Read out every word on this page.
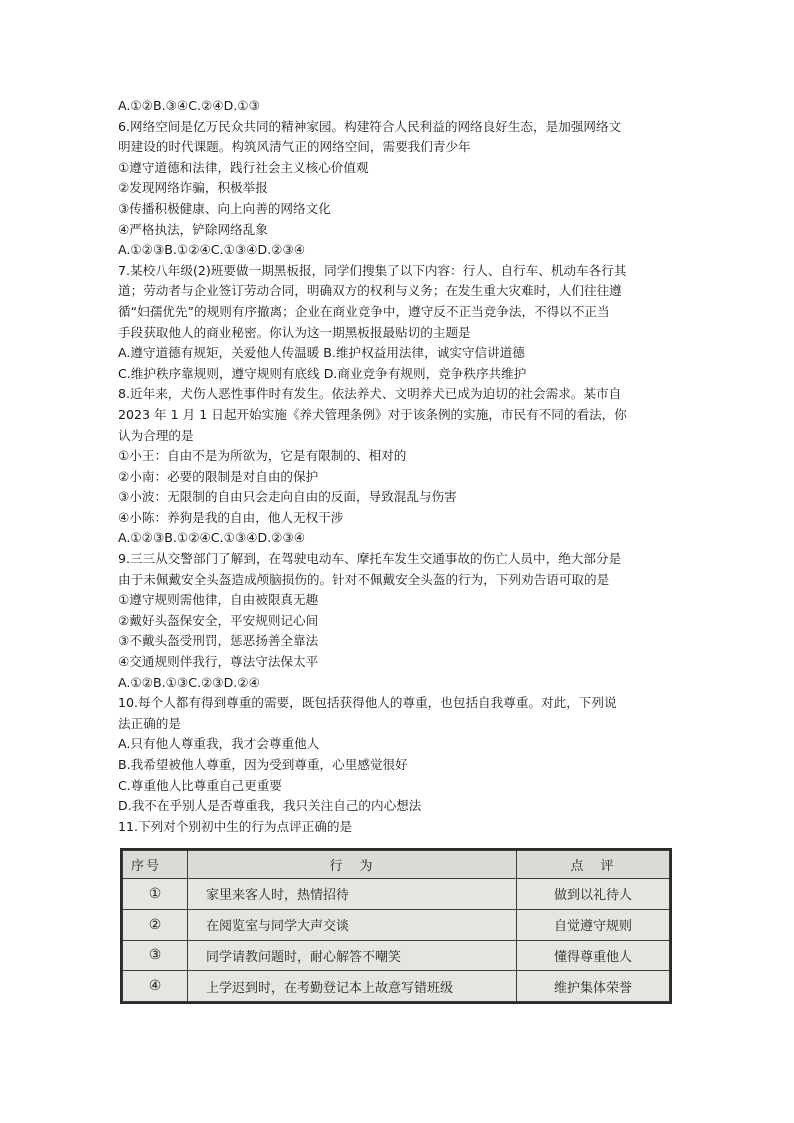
A.①②B.③④C.②④D.①③
6.网络空间是亿万民众共同的精神家园。构建符合人民利益的网络良好生态，是加强网络文
明建设的时代课题。构筑风清气正的网络空间，需要我们青少年
①遵守道德和法律，践行社会主义核心价值观
②发现网络诈骗，积极举报
③传播积极健康、向上向善的网络文化
④严格执法，铲除网络乱象
A.①②③B.①②④C.①③④D.②③④
7.某校八年级(2)班要做一期黑板报，同学们搜集了以下内容：行人、自行车、机动车各行其
道；劳动者与企业签订劳动合同，明确双方的权利与义务；在发生重大灾难时，人们往往遵
循“妇孺优先”的规则有序撤离；企业在商业竞争中，遵守反不正当竞争法，不得以不正当
手段获取他人的商业秘密。你认为这一期黑板报最贴切的主题是
A.遵守道德有规矩，关爱他人传温暖 B.维护权益用法律，诚实守信讲道德
C.维护秩序靠规则，遵守规则有底线 D.商业竞争有规则，竞争秩序共维护
8.近年来，犬伤人恶性事件时有发生。依法养犬、文明养犬已成为迫切的社会需求。某市自
2023 年 1 月 1 日起开始实施《养犬管理条例》对于该条例的实施，市民有不同的看法，你
认为合理的是
①小王：自由不是为所欲为，它是有限制的、相对的
②小南：必要的限制是对自由的保护
③小波：无限制的自由只会走向自由的反面，导致混乱与伤害
④小陈：养狗是我的自由，他人无权干涉
A.①②③B.①②④C.①③④D.②③④
9.三三从交警部门了解到，在驾驶电动车、摩托车发生交通事故的伤亡人员中，绝大部分是
由于未佩戴安全头盔造成颅脑损伤的。针对不佩戴安全头盔的行为，下列劝告语可取的是
①遵守规则需他律，自由被限真无趣
②戴好头盔保安全，平安规则记心间
③不戴头盔受刑罚，惩恶扬善全靠法
④交通规则伴我行，尊法守法保太平
A.①②B.①③C.②③D.②④
10.每个人都有得到尊重的需要，既包括获得他人的尊重，也包括自我尊重。对此，下列说
法正确的是
A.只有他人尊重我，我才会尊重他人
B.我希望被他人尊重，因为受到尊重，心里感觉很好
C.尊重他人比尊重自己更重要
D.我不在乎别人是否尊重我，我只关注自己的内心想法
11.下列对个别初中生的行为点评正确的是
序号	行　为	点　评
①	家里来客人时，热情招待	做到以礼待人
②	在阅览室与同学大声交谈	自觉遵守规则
③	同学请教问题时，耐心解答不嘲笑	懂得尊重他人
④	上学迟到时，在考勤登记本上故意写错班级	维护集体荣誉
